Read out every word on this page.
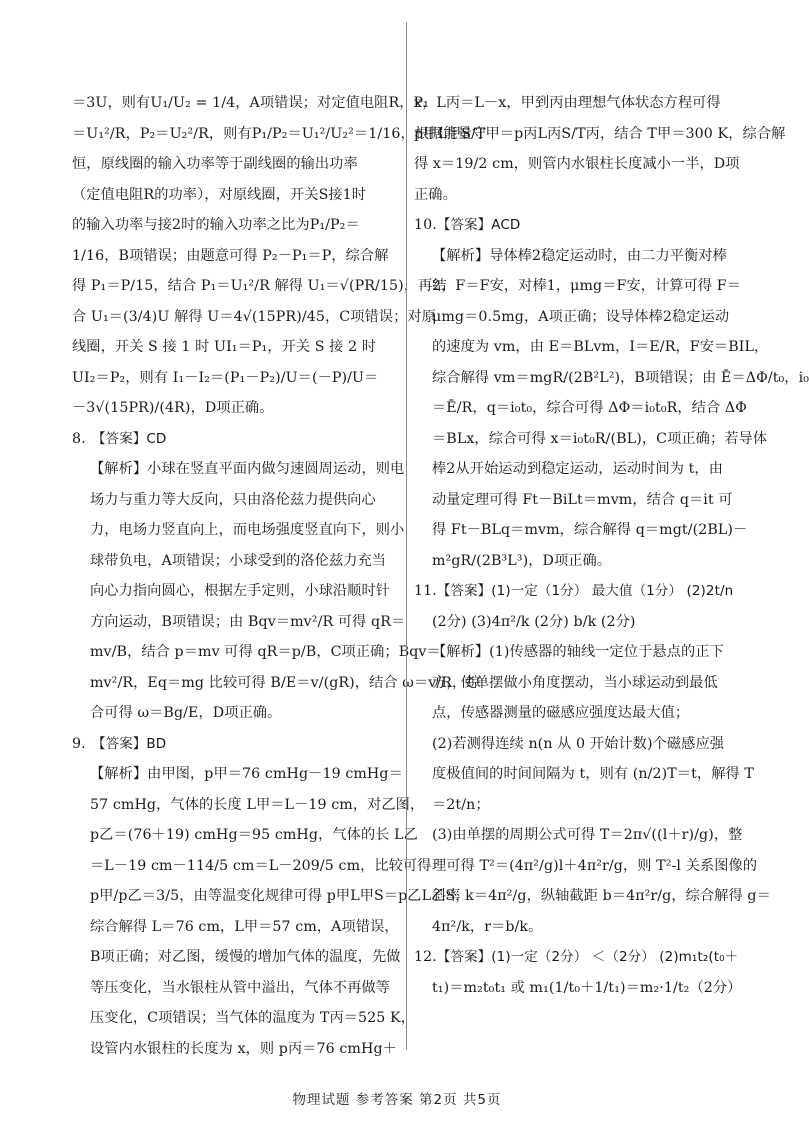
＝3U，则有U₁/U₂ = 1/4，A项错误；对定值电阻R，P₁
＝U₁²/R，P₂＝U₂²/R，则有P₁/P₂＝U₁²/U₂²＝1/16，根据能量守
恒，原线圈的输入功率等于副线圈的输出功率
（定值电阻R的功率），对原线圈，开关S接1时
的输入功率与接2时的输入功率之比为P₁/P₂＝
1/16，B项错误；由题意可得 P₂－P₁＝P，综合解
得 P₁＝P/15，结合 P₁＝U₁²/R 解得 U₁＝√(PR/15)，再结
合 U₁＝(3/4)U 解得 U＝4√(15PR)/45，C项错误；对原
线圈，开关 S 接 1 时 UI₁＝P₁，开关 S 接 2 时
UI₂＝P₂，则有 I₁－I₂＝(P₁－P₂)/U＝(－P)/U＝
－3√(15PR)/(4R)，D项正确。
8. 【答案】CD
【解析】小球在竖直平面内做匀速圆周运动，则电
场力与重力等大反向，只由洛伦兹力提供向心
力，电场力竖直向上，而电场强度竖直向下，则小
球带负电，A项错误；小球受到的洛伦兹力充当
向心力指向圆心，根据左手定则，小球沿顺时针
方向运动，B项错误；由 Bqv＝mv²/R 可得 qR＝
mv/B，结合 p＝mv 可得 qR＝p/B，C项正确；Bqv＝
mv²/R，Eq＝mg 比较可得 B/E＝v/(gR)，结合 ω＝v/R，综
合可得 ω＝Bg/E，D项正确。
9. 【答案】BD
【解析】由甲图，p甲＝76 cmHg－19 cmHg＝
57 cmHg，气体的长度 L甲＝L－19 cm，对乙图，
p乙＝(76＋19) cmHg＝95 cmHg，气体的长 L乙
＝L－19 cm－114/5 cm＝L－209/5 cm，比较可得
p甲/p乙＝3/5，由等温变化规律可得 p甲L甲S＝p乙L乙S，
综合解得 L＝76 cm，L甲＝57 cm，A项错误，
B项正确；对乙图，缓慢的增加气体的温度，先做
等压变化，当水银柱从管中溢出，气体不再做等
压变化，C项错误；当气体的温度为 T丙＝525 K，
设管内水银柱的长度为 x，则 p丙＝76 cmHg＋
x，L丙＝L－x，甲到丙由理想气体状态方程可得
p甲L甲S/T甲＝p丙L丙S/T丙，结合 T甲＝300 K，综合解
得 x＝19/2 cm，则管内水银柱长度减小一半，D项
正确。
10.【答案】ACD
【解析】导体棒2稳定运动时，由二力平衡对棒
2，F＝F安，对棒1，μmg＝F安，计算可得 F＝
μmg＝0.5mg，A项正确；设导体棒2稳定运动
的速度为 vm，由 E＝BLvm，I＝E/R，F安＝BIL，
综合解得 vm＝mgR/(2B²L²)，B项错误；由 Ē＝ΔΦ/t₀，i₀
＝Ē/R，q＝i₀t₀，综合可得 ΔΦ＝i₀t₀R，结合 ΔΦ
＝BLx，综合可得 x＝i₀t₀R/(BL)，C项正确；若导体
棒2从开始运动到稳定运动，运动时间为 t，由
动量定理可得 Ft－BiLt＝mvm，结合 q＝it 可
得 Ft－BLq＝mvm，综合解得 q＝mgt/(2BL)－
m²gR/(2B³L³)，D项正确。
11.【答案】(1)一定（1分） 最大值（1分） (2)2t/n
(2分) (3)4π²/k (2分) b/k (2分)
【解析】(1)传感器的轴线一定位于悬点的正下
方，使单摆做小角度摆动，当小球运动到最低
点，传感器测量的磁感应强度达最大值；
(2)若测得连续 n(n 从 0 开始计数)个磁感应强
度极值间的时间间隔为 t，则有 (n/2)T＝t，解得 T
＝2t/n；
(3)由单摆的周期公式可得 T＝2π√((l＋r)/g)，整
理可得 T²＝(4π²/g)l＋4π²r/g，则 T²-l 关系图像的
斜率 k＝4π²/g，纵轴截距 b＝4π²r/g，综合解得 g＝
4π²/k，r＝b/k。
12.【答案】(1)一定（2分） ＜（2分） (2)m₁t₂(t₀＋
t₁)＝m₂t₀t₁ 或 m₁(1/t₀＋1/t₁)＝m₂·1/t₂（2分）
物理试题 参考答案 第2页 共5页
